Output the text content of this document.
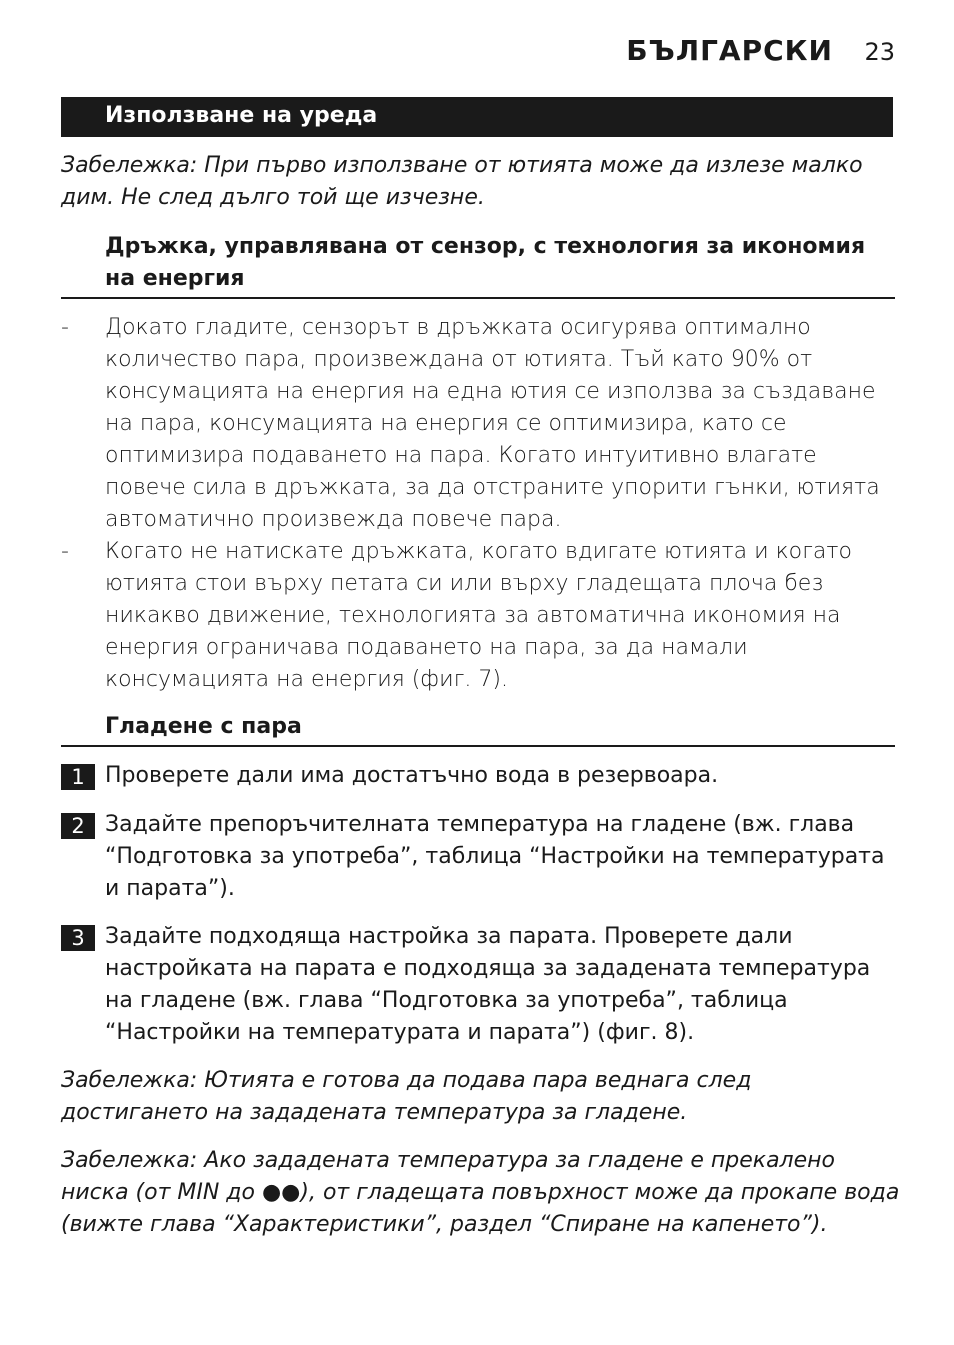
БЪЛГАРСКИ 23
Използване на уреда
Забележка: При първо използване от ютията може да излезе малко дим. Не след дълго той ще изчезне.
Дръжка, управлявана от сензор, с технология за икономия на енергия
- Докато гладите, сензорът в дръжката осигурява оптимално количество пара, произвеждана от ютията. Тъй като 90% от консумацията на енергия на една ютия се използва за създаване на пара, консумацията на енергия се оптимизира, като се оптимизира подаването на пара. Когато интуитивно влагате повече сила в дръжката, за да отстраните упорити гънки, ютията автоматично произвежда повече пара.
- Когато не натискате дръжката, когато вдигате ютията и когато ютията стои върху петата си или върху гладещата плоча без никакво движение, технологията за автоматична икономия на енергия ограничава подаването на пара, за да намали консумацията на енергия (фиг. 7).
Гладене с пара
1 Проверете дали има достатъчно вода в резервоара.
2 Задайте препоръчителната температура на гладене (вж. глава “Подготовка за употреба”, таблица “Настройки на температурата и парата”).
3 Задайте подходяща настройка за парата. Проверете дали настройката на парата е подходяща за зададената температура на гладене (вж. глава “Подготовка за употреба”, таблица “Настройки на температурата и парата”) (фиг. 8).
Забележка: Ютията е готова да подава пара веднага след достигането на зададената температура за гладене.
Забележка: Ако зададената температура за гладене е прекалено ниска (от MIN до ●●), от гладещата повърхност може да прокапе вода (вижте глава “Характеристики”, раздел “Спиране на капенето”).
